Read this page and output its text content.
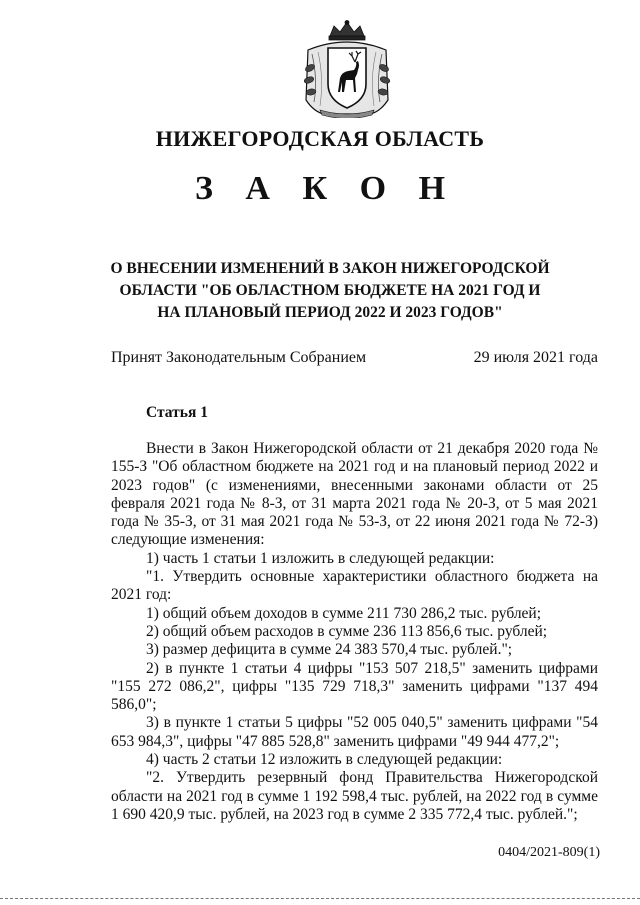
НИЖЕГОРОДСКАЯ ОБЛАСТЬ
З А К О Н
О ВНЕСЕНИИ ИЗМЕНЕНИЙ В ЗАКОН НИЖЕГОРОДСКОЙ ОБЛАСТИ "ОБ ОБЛАСТНОМ БЮДЖЕТЕ НА 2021 ГОД И НА ПЛАНОВЫЙ ПЕРИОД 2022 И 2023 ГОДОВ"
Принят Законодательным Собранием	29 июля 2021 года
Статья 1

Внести в Закон Нижегородской области от 21 декабря 2020 года № 155-З "Об областном бюджете на 2021 год и на плановый период 2022 и 2023 годов" (с изменениями, внесенными законами области от 25 февраля 2021 года № 8-З, от 31 марта 2021 года № 20-З, от 5 мая 2021 года № 35-З, от 31 мая 2021 года № 53-З, от 22 июня 2021 года № 72-З) следующие изменения:

1) часть 1 статьи 1 изложить в следующей редакции:

"1. Утвердить основные характеристики областного бюджета на 2021 год:

1) общий объем доходов в сумме 211 730 286,2 тыс. рублей;

2) общий объем расходов в сумме 236 113 856,6 тыс. рублей;

3) размер дефицита в сумме 24 383 570,4 тыс. рублей.";

2) в пункте 1 статьи 4 цифры "153 507 218,5" заменить цифрами "155 272 086,2", цифры "135 729 718,3" заменить цифрами "137 494 586,0";

3) в пункте 1 статьи 5 цифры "52 005 040,5" заменить цифрами "54 653 984,3", цифры "47 885 528,8" заменить цифрами "49 944 477,2";

4) часть 2 статьи 12 изложить в следующей редакции:

"2. Утвердить резервный фонд Правительства Нижегородской области на 2021 год в сумме 1 192 598,4 тыс. рублей, на 2022 год в сумме 1 690 420,9 тыс. рублей, на 2023 год в сумме 2 335 772,4 тыс. рублей.";

0404/2021-809(1)
